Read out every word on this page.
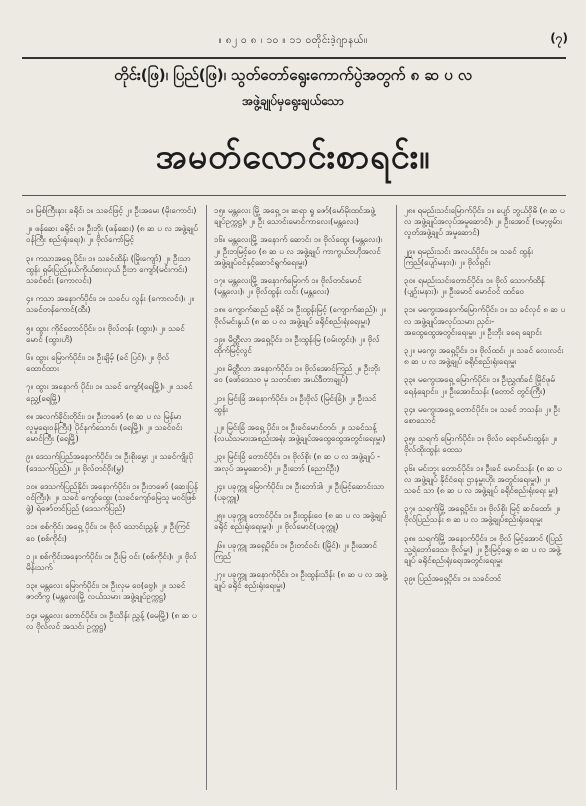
။ ၈၂ ၀ ၈ ၊ ၁၀ ။ ၁၁ ၀တိုင်းဒဲ့ဂျာနယ်။	(၇)
တိုင်း(ဖြ)၊ ပြည်(ဖြ)၊ သွတ်တော်ရွေးကောက်ပွဲအတွက် ၈ ဆ ပ လ
အဖွဲ့ချုပ်မှရွေးချယ်သော
အမတ်လောင်းစာရင်း။

၁။ မြစ်ကြီးနား ခရိုင်၊ ၁။ သခင်ဖြင့် ၂။ ဦးအမေး (မိုးကောင်း)

၂။ ဖန်ဆေး ခရိုင်၊ ၁။ ဦးဘိုး (ဖန်ဆေး) (၈ ဆ ပ လ အဖွဲ့ချုပ်ဝန်ကြီး စည်းရုံးရေး)၊ ၂။ ဗိုလ်ကော်မြင့်

၃။ ကသာအရှေ့ ပိုင်း၊ ၁။ သခင်ထိန်း (မြိုးကျော်) ၂။ ဦးသာထွန်း ရှမ်းပြည်နယ်ကိုယ်စားလှယ် ဦးဘ ကျော်(မင်းကင်း) သခင်စင်း (ကောလင်း)

၄။ ကသာ အနောက်ပိုင်း၊ ၁။ သခင်ပ လွန်း (ကောလင်း)၊ ၂။ သခင်တန်ကောင်(ထီး)

၅။ ထွား ကိုင်တောင်ပိုင်း၊ ၁။ ဗိုလ်တန်း (ထွား)၊ ၂။ သခင်မောင် (ထွားဟိ)

၆။ ထွား မြောက်ပိုင်း၊ ၁။ ဦးချိမ့် (ခင် ပြင်)၊ ၂။ ဗိုလ်ထောင်ထား

၇။ ထွား အနောက် ပိုင်း၊ ၁။ သခင် ကျော်(ရေမြို့)၊ ၂။ သခင်ညွှေ့(ရေမြို့)

၈။ အလက်ခိုင်းတိုင်း၊ ၁။ ဦးဘဇော် (၈ ဆ ပ လ မြန်မာ လူမှုရေးဝန်ကြီး) ပိုင်နက်သောင်း (ရေမြို့)၊ ၂။ သခင်ဝင်းမောင်ကြီး (ရေမြို့)

၉။ ဒေသက်ပြည်အနောက်ပိုင်း၊ ၁။ ဦးစိုးမွှေး ၂။ သခင်ကျိုးပို (ဒေသက်ပြည်)၊ ၂။ ဗိုလ်တင်ဝိုး(မွှ)

၁၀။ ဒေသက်ပြည်နိုင်း အနောက်ပိုင်း၊ ၁။ ဦးဘဇော် (ဆေးပြန်ဝင်ကြီး)၊ ၂။ သခင် ကျော်ထွေး (သခင်ကျော်မြေသူ မဝင်ဖြစ်ဖွဲ့) ရဲဇော်တင်ပြည် (ဒေသက်ပြည်)

၁၁။ စစ်ကိုင်း အရှေ့ ပိုင်း၊ ၁။ ဗိုလ် သောင်းညွှန့်၊ ၂။ ဦးကြင်ဝေ (စစ်ကိုင်း)

၁၂။ စစ်ကိုင်းအနောက်ပိုင်း၊ ၁။ ဦးမြ ဝင်း (စစ်ကိုင်း)၊ ၂။ ဗိုလ်မိန်းသက်

၁၃။ မန္တလေး မြောက်ပိုင်း၊ ၁။ ဦးလှမ ဝေ(ဗွေ)၊ ၂။ သခင်ဇာတိကွ (မန္တလေးမြို့ လယ်သမား အဖွဲ့ချုပ်ဥက္ကဋ္ဌ)

၁၄။ မန္တလေး တောင်ပိုင်း၊ ၁။ ဦးသိန်း ညွှန့် (မေမြို့) (၈ ဆ ပ လ ဗိုလ်လင် အသင်း ဥက္ကဋ္ဌ)

၁၅။ မန္တလေး မြို့ အရှေ့ ၁။ ဆရာ ရှု ဇော်(မော်မိုးထင်အဖွဲ့ ချုပ်ဥက္ကဋ္ဌ)၊ ၂။ ဦး သောင်းမောင်ကာလေး(မန္တလေး)

၁၆။ မန္တလေးမြို့ အနောက် ဆောင်း ၁။ ဗိုလ်ထွေး (မန္တလေး)၊ ၂။ ဦးဘမြင့်ဝေ (၈ ဆ ပ လ အဖွဲ့ချုပ် ကာကွယ်ဗဟိုအလင် အဖွဲ့ချုပ်ဝင်နှင့်ဆောင်ရွက်ရေးမှူး)

၁၇။ မန္တလေးမြို့ အနောက်မြောက် ၁။ ဗိုလ်တင်မောင် (မန္တလေး)၊ ၂။ ဗိုလ်ထွန်း လင်း (မန္တလေး)

၁၈။ ကျောက်ဆည် ခရိုင် ၁။ ဦးထွန်းမြင့် (ကျောက်ဆည်)၊ ၂။ ဗိုလ်မင်းနွယ် (၈ ဆ ပ လ အဖွဲ့ချုပ် ခရိုင်စည်းရုံးရေးမှူး)

၁၉။ မိတ္ထီလာ အရှေ့ပိုင်း၊ ၁။ ဦးထွန်းမြ (ဝမ်းတွင်း)၊ ၂။ ဗိုလ်ထိုက်မြင့်လွင်

၂၀။ မိတ္ထီလာ အနောက်ပိုင်း၊ ၁။ ဗိုလ်အောင်ကြည် ၂။ ဦးဘိုးဝေ (ဖော်ဒေသ၀ မှ သတင်းစာ အယ်ဒီတာချုပ်)

၂၁။ မြင်းခြံ အနောက်ပိုင်း၊ ၁။ ဦးဗိုလ် (မြင်းခြံ)၊ ၂။ ဦးသင်ထွန်း

၂၂။ မြင်းခြံ အရှေ့ ပိုင်း၊ ၁။ ဦးခင်မောင်တင်၊ ၂။ သခင်သန့် (လယ်သမားအစည်းအရုံး အဖွဲ့ချုပ်အထွေထွေအတွင်းရေးမှူး)

၂၃။ မြင်းခြံ တောင်ပိုင်း၊ ၁။ ဗိုလ်စိုး (၈ ဆ ပ လ အဖွဲ့ချုပ် - အလုပ် အမှုဆောင်)၊ ၂။ ဦးဘော် (ညောင်ဦး)

၂၄။ ပခုက္ကူ မြောက်ပိုင်း၊ ၁။ ဦးဘော်ဒါ၊ ၂။ ဦးမြင့်ဆောင်းသာ (ပခုက္ကူ)

၂၅။ ပခုက္ကူ တောင်ပိုင်း၊ ၁။ ဦးထွန်းဝေ (၈ ဆ ပ လ အဖွဲ့ချုပ် ခရိုင် စည်းရုံးရေးမှူး)၊ ၂။ ဗိုလ်မောင်(ပခုက္ကူ)

၂၆။ ပခုက္ကူ အရှေ့ပိုင်း၊ ၁။ ဦးတင်ဝင်း (မြိုင်)၊ ၂။ ဦးအောင်ကြည်

၂၇။ ပခုက္ကူ အနောက်ပိုင်း၊ ၁။ ဦးထွန်းသိန်း (၈ ဆ ပ လ အဖွဲ့ချုပ် ခရိုင် စည်းရုံးရေးမှူး)

၂၈။ ရမည်းသင်းမြောက်ပိုင်း၊ ၁။ ပျော် ဘွယ်ဝိုဓိ (၈ ဆ ပ လ အဖွဲ့ချုပ်အလုပ်အမှုဆောင်)၊ ၂။ ဦးအောင် (ဗမာ့ဗွမ်ားလှုတ်အဖွဲ့ချုပ် အမှုဆောင်)

၂၉။ ရမည်းသင်း အလယ်ပိုင်း၊ ၁။ သခင် ထွန်းကြည်(ပျော်မနား)၊ ၂။ ဗိုလ်ရှင်း

၃၀။ ရမည်းသင်းတောင်ပိုင်း၊ ၁။ ဗိုလ် သောက်ထိန် (ပျဉ်းမနား)၊ ၂။ ဦးမောင် မောင်ဝင် ထင်ဝေ

၃၁။ မကွေးအနောက်မြောက်ပိုင်း၊ ၁။ သ ခင်လှင် ၈ ဆ ပ လ အဖွဲ့ချုပ်အလုပ်သမား ညှင်း-အထွေထွေအတွင်းရေးမှူး၊ ၂။ ဦးဘိုး ခရေ ချောင်း

၃၂။ မကွေး အရှေ့ပိုင်း၊ ၁။ ဗိုလ်ထင်၊ ၂။ သခင် လေးလင်း ၈ ဆ ပ လ အဖွဲ့ချုပ် ခရိုင်စည်းရုံးရေးမှူး

၃၃။ မကွေးအရှေ့ မြောက်ပိုင်း၊ ၁။ ဦးညွှဏ်ခင် မြိုင်ဖုမ် ရေနံချောင်း၊ ၂။ ဦးအောင်သန်း (တောင် တွင်းကြီး)

၃၄။ မကွေးအရှေ့ တောင်ပိုင်း၊ ၁။ သခင် ဘသန်း၊ ၂။ ဦးစောသောင်

၃၅။ သရက် မြောက်ပိုင်း၊ ၁။ ဗိုလ်ဝ ရောင်မင်းထွန်း၊ ၂။ ဗိုလ်ထိုးထွန်း ထေသ

၃၆။ မင်းဘူး တောင်ပိုင်း၊ ၁။ ဦးခင် မောင်သန်း (၈ ဆ ပ လ အဖွဲ့ချုပ် နိုင်ငံရေး ဌာနမှူးဟိုး အတွင်းရေးမှူး)၊ ၂။ သခင် သာ (၈ ဆ ပ လ အဖွဲ့ချုပ် ခရိုင်စည်းရုံးရေး မှူး)

၃၇။ သရက်မြို့ အရှေ့ပိုင်း၊ ၁။ ဗိုလ်စိုး မြင့် ဆင်ထော်၊ ၂။ ဗိုလ်ပြည်သန်း ၈ ဆ ပ လ အဖွဲ့ချုပ်စည်းရုံးရေးမှူး

၃၈။ သရက်မြို့ အနောက်ပိုင်း၊ ၁။ ဗိုလ် မြင့်အောင် (ပြည်သူ့ရဲဘော်ဒေသ၊ ဗိုလ်မှူး) ၂။ ဦးမြင့်ရွှေ၊ ၈ ဆ ပ လ အဖွဲ့ချုပ် ခရိုင်စည်းရုံးရေးအတွင်းရေးမှူး

၃၉။ ပြည်အရှေ့ပိုင်း၊ ၁။ သခင်တင်
